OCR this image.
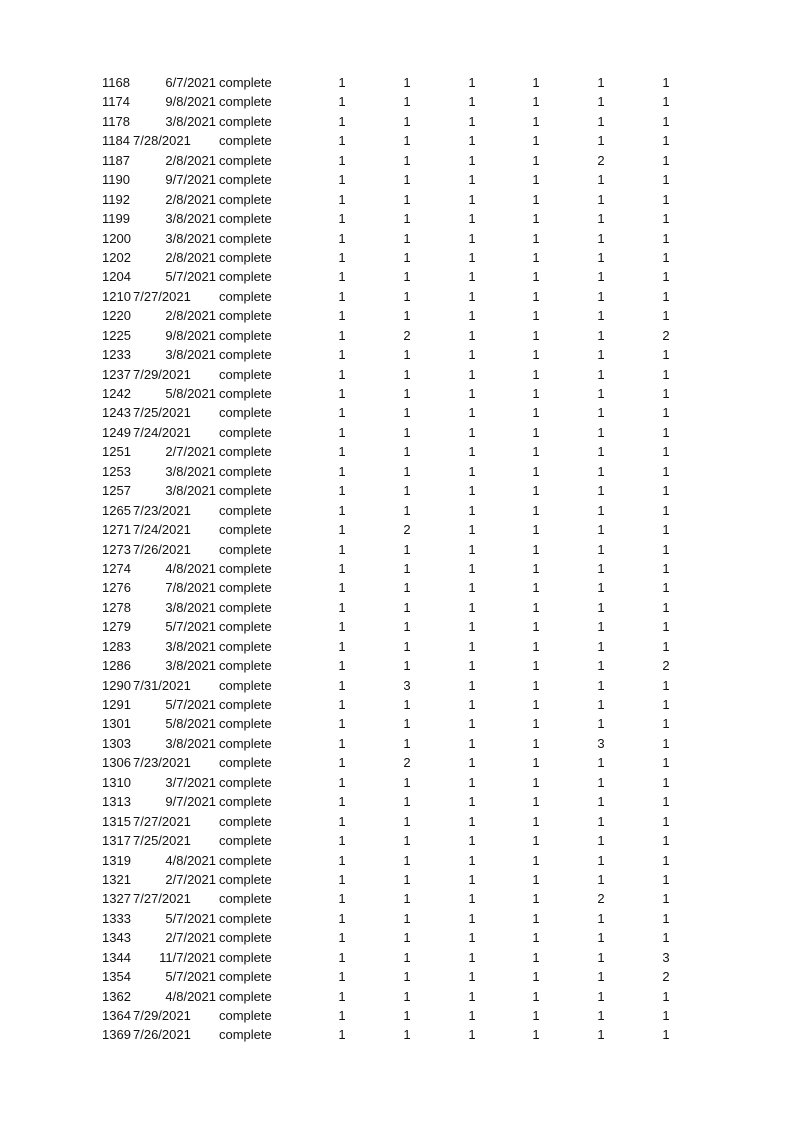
1168	6/7/2021 complete	1	1	1	1	1	1
1174	9/8/2021 complete	1	1	1	1	1	1
1178	3/8/2021 complete	1	1	1	1	1	1
1184 7/28/2021 complete	1	1	1	1	1	1
1187	2/8/2021 complete	1	1	1	1	2	1
1190	9/7/2021 complete	1	1	1	1	1	1
1192	2/8/2021 complete	1	1	1	1	1	1
1199	3/8/2021 complete	1	1	1	1	1	1
1200	3/8/2021 complete	1	1	1	1	1	1
1202	2/8/2021 complete	1	1	1	1	1	1
1204	5/7/2021 complete	1	1	1	1	1	1
1210 7/27/2021 complete	1	1	1	1	1	1
1220	2/8/2021 complete	1	1	1	1	1	1
1225	9/8/2021 complete	1	2	1	1	1	2
1233	3/8/2021 complete	1	1	1	1	1	1
1237 7/29/2021 complete	1	1	1	1	1	1
1242	5/8/2021 complete	1	1	1	1	1	1
1243 7/25/2021 complete	1	1	1	1	1	1
1249 7/24/2021 complete	1	1	1	1	1	1
1251	2/7/2021 complete	1	1	1	1	1	1
1253	3/8/2021 complete	1	1	1	1	1	1
1257	3/8/2021 complete	1	1	1	1	1	1
1265 7/23/2021 complete	1	1	1	1	1	1
1271 7/24/2021 complete	1	2	1	1	1	1
1273 7/26/2021 complete	1	1	1	1	1	1
1274	4/8/2021 complete	1	1	1	1	1	1
1276	7/8/2021 complete	1	1	1	1	1	1
1278	3/8/2021 complete	1	1	1	1	1	1
1279	5/7/2021 complete	1	1	1	1	1	1
1283	3/8/2021 complete	1	1	1	1	1	1
1286	3/8/2021 complete	1	1	1	1	1	2
1290 7/31/2021 complete	1	3	1	1	1	1
1291	5/7/2021 complete	1	1	1	1	1	1
1301	5/8/2021 complete	1	1	1	1	1	1
1303	3/8/2021 complete	1	1	1	1	3	1
1306 7/23/2021 complete	1	2	1	1	1	1
1310	3/7/2021 complete	1	1	1	1	1	1
1313	9/7/2021 complete	1	1	1	1	1	1
1315 7/27/2021 complete	1	1	1	1	1	1
1317 7/25/2021 complete	1	1	1	1	1	1
1319	4/8/2021 complete	1	1	1	1	1	1
1321	2/7/2021 complete	1	1	1	1	1	1
1327 7/27/2021 complete	1	1	1	1	2	1
1333	5/7/2021 complete	1	1	1	1	1	1
1343	2/7/2021 complete	1	1	1	1	1	1
1344 11/7/2021 complete	1	1	1	1	1	3
1354	5/7/2021 complete	1	1	1	1	1	2
1362	4/8/2021 complete	1	1	1	1	1	1
1364 7/29/2021 complete	1	1	1	1	1	1
1369 7/26/2021 complete	1	1	1	1	1	1
